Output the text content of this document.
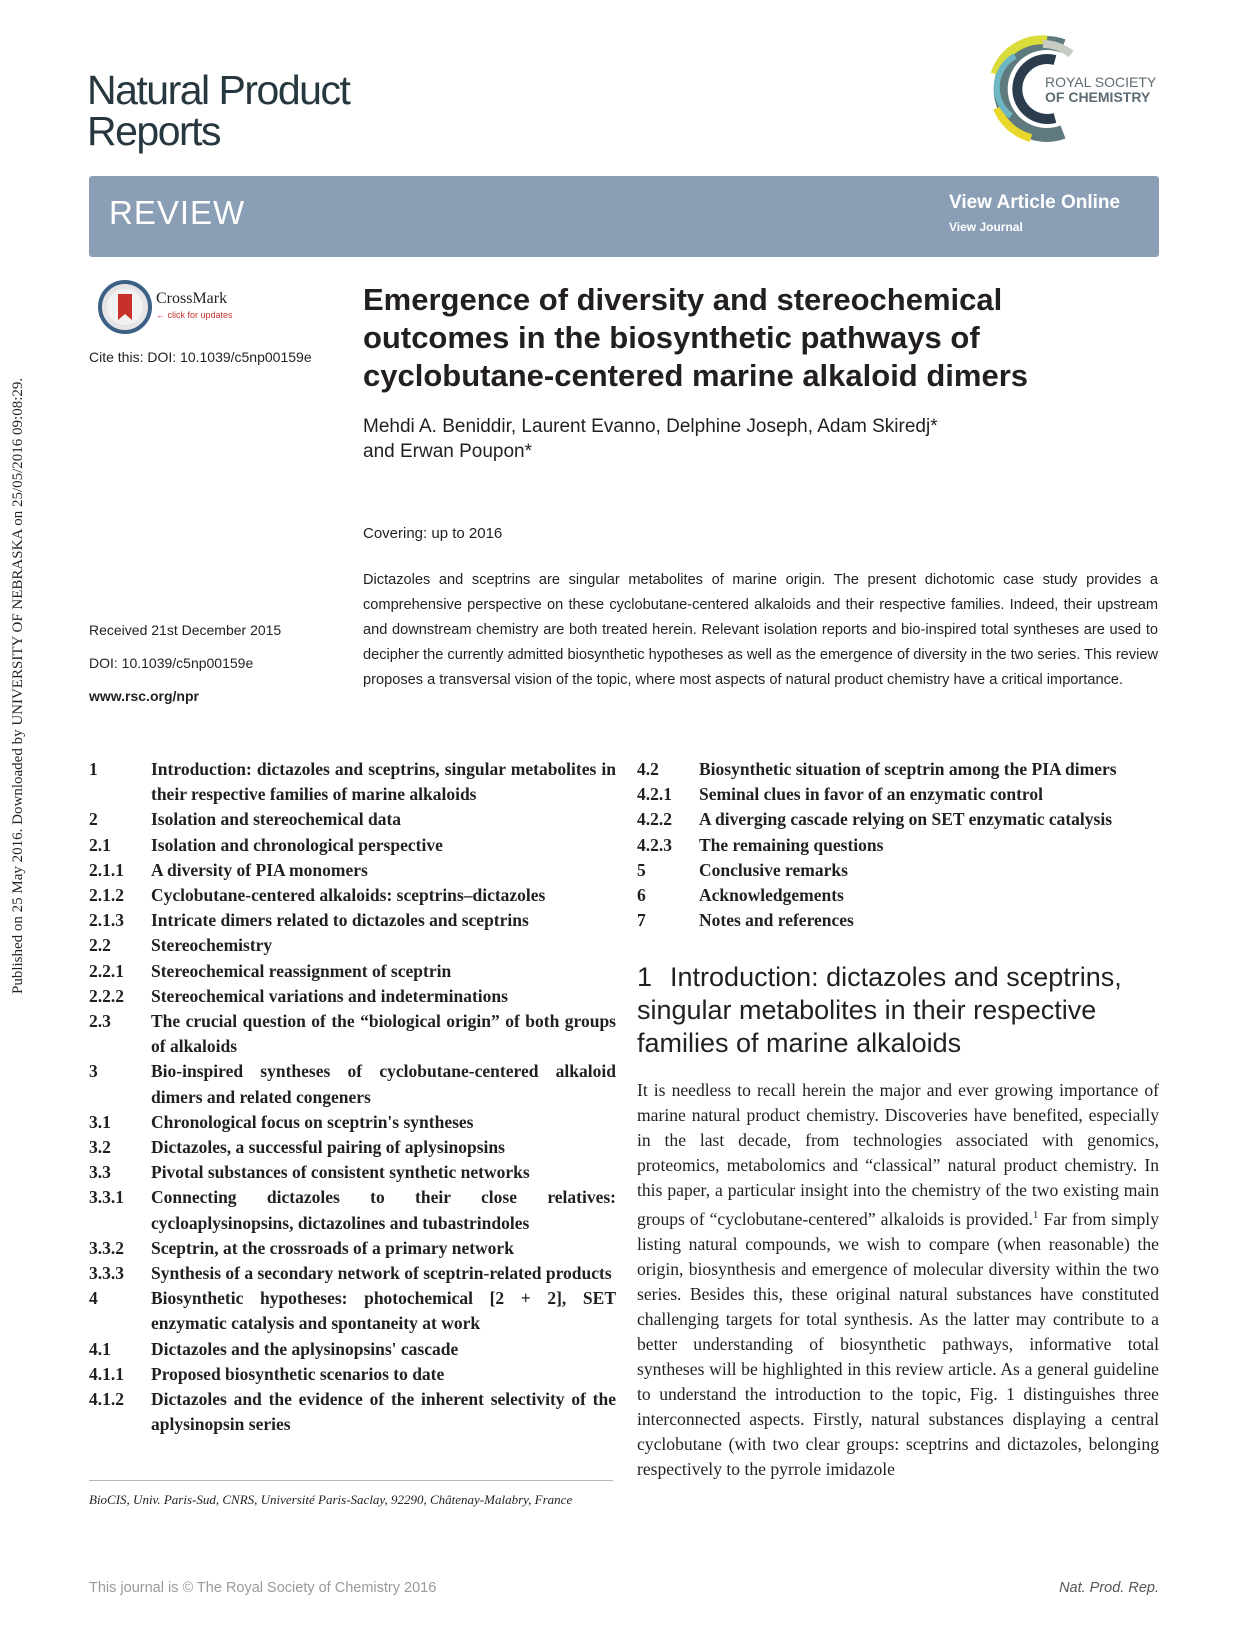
Published on 25 May 2016. Downloaded by UNIVERSITY OF NEBRASKA on 25/05/2016 09:08:29.
Natural Product
Reports
ROYAL SOCIETY
OF CHEMISTRY
REVIEW	View Article Online
View Journal
CrossMark
← click for updates
Cite this: DOI: 10.1039/c5np00159e
Received 21st December 2015
DOI: 10.1039/c5np00159e
www.rsc.org/npr
Emergence of diversity and stereochemical outcomes in the biosynthetic pathways of cyclobutane-centered marine alkaloid dimers
Mehdi A. Beniddir, Laurent Evanno, Delphine Joseph, Adam Skiredj*
and Erwan Poupon*
Covering: up to 2016

Dictazoles and sceptrins are singular metabolites of marine origin. The present dichotomic case study provides a comprehensive perspective on these cyclobutane-centered alkaloids and their respective families. Indeed, their upstream and downstream chemistry are both treated herein. Relevant isolation reports and bio-inspired total syntheses are used to decipher the currently admitted biosynthetic hypotheses as well as the emergence of diversity in the two series. This review proposes a transversal vision of the topic, where most aspects of natural product chemistry have a critical importance.

1	Introduction: dictazoles and sceptrins, singular metabolites in their respective families of marine alkaloids
2	Isolation and stereochemical data
2.1	Isolation and chronological perspective
2.1.1	A diversity of PIA monomers
2.1.2	Cyclobutane-centered alkaloids: sceptrins–dictazoles
2.1.3	Intricate dimers related to dictazoles and sceptrins
2.2	Stereochemistry
2.2.1	Stereochemical reassignment of sceptrin
2.2.2	Stereochemical variations and indeterminations
2.3	The crucial question of the “biological origin” of both groups of alkaloids
3	Bio-inspired syntheses of cyclobutane-centered alkaloid dimers and related congeners
3.1	Chronological focus on sceptrin's syntheses
3.2	Dictazoles, a successful pairing of aplysinopsins
3.3	Pivotal substances of consistent synthetic networks
3.3.1	Connecting dictazoles to their close relatives: cycloaplysinopsins, dictazolines and tubastrindoles
3.3.2	Sceptrin, at the crossroads of a primary network
3.3.3	Synthesis of a secondary network of sceptrin-related products
4	Biosynthetic hypotheses: photochemical [2 + 2], SET enzymatic catalysis and spontaneity at work
4.1	Dictazoles and the aplysinopsins' cascade
4.1.1	Proposed biosynthetic scenarios to date
4.1.2	Dictazoles and the evidence of the inherent selectivity of the aplysinopsin series
4.2	Biosynthetic situation of sceptrin among the PIA dimers
4.2.1	Seminal clues in favor of an enzymatic control
4.2.2	A diverging cascade relying on SET enzymatic catalysis
4.2.3	The remaining questions
5	Conclusive remarks
6	Acknowledgements
7	Notes and references
BioCIS, Univ. Paris-Sud, CNRS, Université Paris-Saclay, 92290, Châtenay-Malabry, France
1 Introduction: dictazoles and sceptrins, singular metabolites in their respective families of marine alkaloids

It is needless to recall herein the major and ever growing importance of marine natural product chemistry. Discoveries have benefited, especially in the last decade, from technologies associated with genomics, proteomics, metabolomics and “classical” natural product chemistry. In this paper, a particular insight into the chemistry of the two existing main groups of “cyclobutane-centered” alkaloids is provided.$^1$ Far from simply listing natural compounds, we wish to compare (when reasonable) the origin, biosynthesis and emergence of molecular diversity within the two series. Besides this, these original natural substances have constituted challenging targets for total synthesis. As the latter may contribute to a better understanding of biosynthetic pathways, informative total syntheses will be highlighted in this review article. As a general guideline to understand the introduction to the topic, Fig. 1 distinguishes three interconnected aspects. Firstly, natural substances displaying a central cyclobutane (with two clear groups: sceptrins and dictazoles, belonging respectively to the pyrrole imidazole

This journal is © The Royal Society of Chemistry 2016	Nat. Prod. Rep.
